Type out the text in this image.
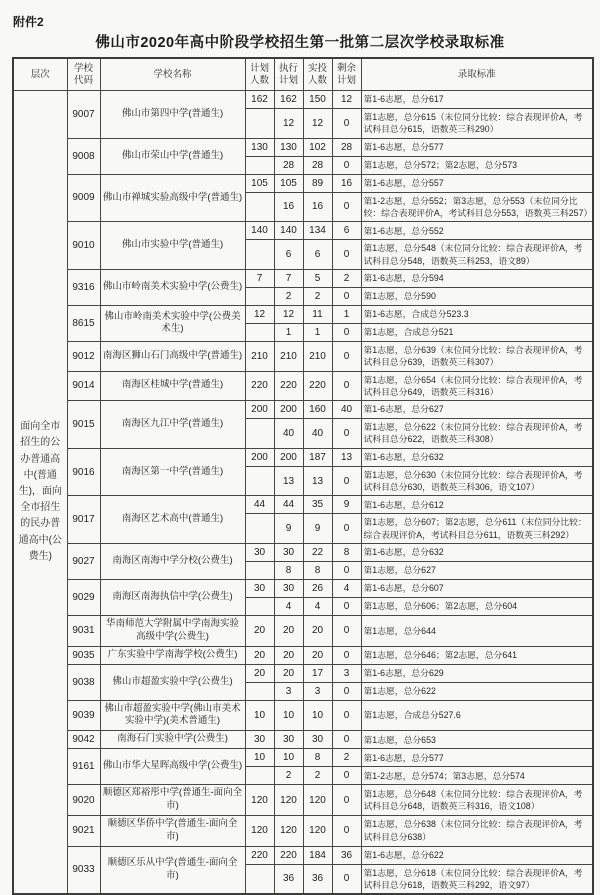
附件2
佛山市2020年高中阶段学校招生第一批第二层次学校录取标准
层次	学校代码	学校名称	计划人数	执行计划	实投人数	剩余计划	录取标准
面向全市招生的公办普通高中(普通生)，面向全市招生的民办普通高中(公费生)	9007	佛山市第四中学(普通生)	162	162	150	12	第1-6志愿，总分617
				12	12	0	第1志愿，总分615（末位同分比较：综合表现评价A，考试科目总分615，语数英三科290）
	9008	佛山市荣山中学(普通生)	130	130	102	28	第1-6志愿，总分577
				28	28	0	第1志愿，总分572；第2志愿，总分573
	9009	佛山市禅城实验高级中学(普通生)	105	105	89	16	第1-6志愿，总分557
				16	16	0	第1-2志愿，总分552；第3志愿，总分553（末位同分比较：综合表现评价A，考试科目总分553，语数英三科257）
	9010	佛山市实验中学(普通生)	140	140	134	6	第1-6志愿，总分552
				6	6	0	第1志愿，总分548（末位同分比较：综合表现评价A，考试科目总分548，语数英三科253，语文89）
	9316	佛山市岭南美术实验中学(公费生)	7	7	5	2	第1-6志愿，总分594
				2	2	0	第1志愿，总分590
	8615	佛山市岭南美术实验中学(公费美术生)	12	12	11	1	第1-6志愿，合成总分523.3
				1	1	0	第1志愿，合成总分521
	9012	南海区狮山石门高级中学(普通生)	210	210	210	0	第1志愿，总分639（末位同分比较：综合表现评价A，考试科目总分639，语数英三科307）
	9014	南海区桂城中学(普通生)	220	220	220	0	第1志愿，总分654（末位同分比较：综合表现评价A，考试科目总分649，语数英三科316）
	9015	南海区九江中学(普通生)	200	200	160	40	第1-6志愿，总分627
				40	40	0	第1志愿，总分622（末位同分比较：综合表现评价A，考试科目总分622，语数英三科308）
	9016	南海区第一中学(普通生)	200	200	187	13	第1-6志愿，总分632
				13	13	0	第1志愿，总分630（末位同分比较：综合表现评价A，考试科目总分630，语数英三科306，语文107）
	9017	南海区艺术高中(普通生)	44	44	35	9	第1-6志愿，总分612
				9	9	0	第1志愿，总分607；第2志愿，总分611（末位同分比较：综合表现评价A，考试科目总分611，语数英三科292）
	9027	南海区南海中学分校(公费生)	30	30	22	8	第1-6志愿，总分632
				8	8	0	第1志愿，总分627
	9029	南海区南海执信中学(公费生)	30	30	26	4	第1-6志愿，总分607
				4	4	0	第1志愿，总分606；第2志愿，总分604
	9031	华南师范大学附属中学南海实验高级中学(公费生)	20	20	20	0	第1志愿，总分644
	9035	广东实验中学南海学校(公费生)	20	20	20	0	第1志愿，总分646；第2志愿，总分641
	9038	佛山市超盈实验中学(公费生)	20	20	17	3	第1-6志愿，总分629
				3	3	0	第1志愿，总分622
	9039	佛山市超盈实验中学(佛山市美术实验中学)(美术普通生)	10	10	10	0	第1志愿，合成总分527.6
	9042	南海石门实验中学(公费生)	30	30	30	0	第1志愿，总分653
	9161	佛山市华大星晖高级中学(公费生)	10	10	8	2	第1-6志愿，总分577
				2	2	0	第1-2志愿，总分574；第3志愿，总分574
	9020	顺德区郑裕彤中学(普通生-面向全市)	120	120	120	0	第1志愿，总分648（末位同分比较：综合表现评价A，考试科目总分648，语数英三科316，语文108）
	9021	顺德区华侨中学(普通生-面向全市)	120	120	120	0	第1志愿，总分638（末位同分比较：综合表现评价A，考试科目总分638）
	9033	顺德区乐从中学(普通生-面向全市)	220	220	184	36	第1-6志愿，总分622
				36	36	0	第1志愿，总分618（末位同分比较：综合表现评价A，考试科目总分618，语数英三科292，语文97）
